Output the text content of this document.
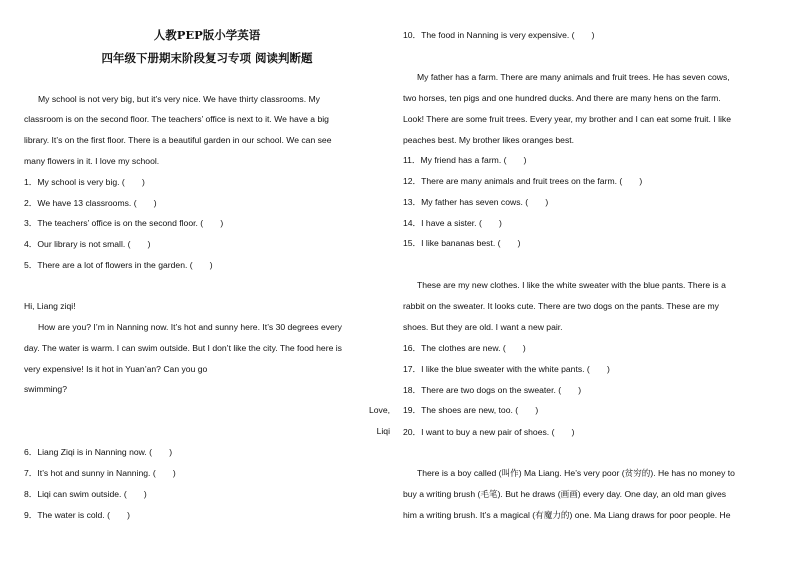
人教PEP版小学英语
四年级下册期末阶段复习专项 阅读判断题
My school is not very big, but it’s very nice. We have thirty classrooms. My
classroom is on the second floor. The teachers’ office is next to it. We have a big
library. It’s on the first floor. There is a beautiful garden in our school. We can see
many flowers in it. I love my school.
1．My school is very big. (　　)
2．We have 13 classrooms. (　　)
3．The teachers’ office is on the second floor. (　　)
4．Our library is not small. (　　)
5．There are a lot of flowers in the garden. (　　)
Hi, Liang ziqi!
How are you? I’m in Nanning now. It’s hot and sunny here. It’s 30 degrees every
day. The water is warm. I can swim outside. But I don’t like the city. The food here is
very expensive! Is it hot in Yuan’an? Can you go
swimming?
Love,
Liqi
6．Liang Ziqi is in Nanning now. (　　)
7．It’s hot and sunny in Nanning. (　　)
8．Liqi can swim outside. (　　)
9．The water is cold. (　　)
10．The food in Nanning is very expensive. (　　)
My father has a farm. There are many animals and fruit trees. He has seven cows,
two horses, ten pigs and one hundred ducks. And there are many hens on the farm.
Look! There are some fruit trees. Every year, my brother and I can eat some fruit. I like
peaches best. My brother likes oranges best.
11．My friend has a farm. (　　)
12．There are many animals and fruit trees on the farm. (　　)
13．My father has seven cows. (　　)
14．I have a sister. (　　)
15．I like bananas best. (　　)
These are my new clothes. I like the white sweater with the blue pants. There is a
rabbit on the sweater. It looks cute. There are two dogs on the pants. These are my
shoes. But they are old. I want a new pair.
16．The clothes are new. (　　)
17．I like the blue sweater with the white pants. (　　)
18．There are two dogs on the sweater. (　　)
19．The shoes are new, too. (　　)
20．I want to buy a new pair of shoes. (　　)
There is a boy called (叫作) Ma Liang. He’s very poor (贫穷的). He has no money to
buy a writing brush (毛笔). But he draws (画画) every day. One day, an old man gives
him a writing brush. It’s a magical (有魔力的) one. Ma Liang draws for poor people. He
